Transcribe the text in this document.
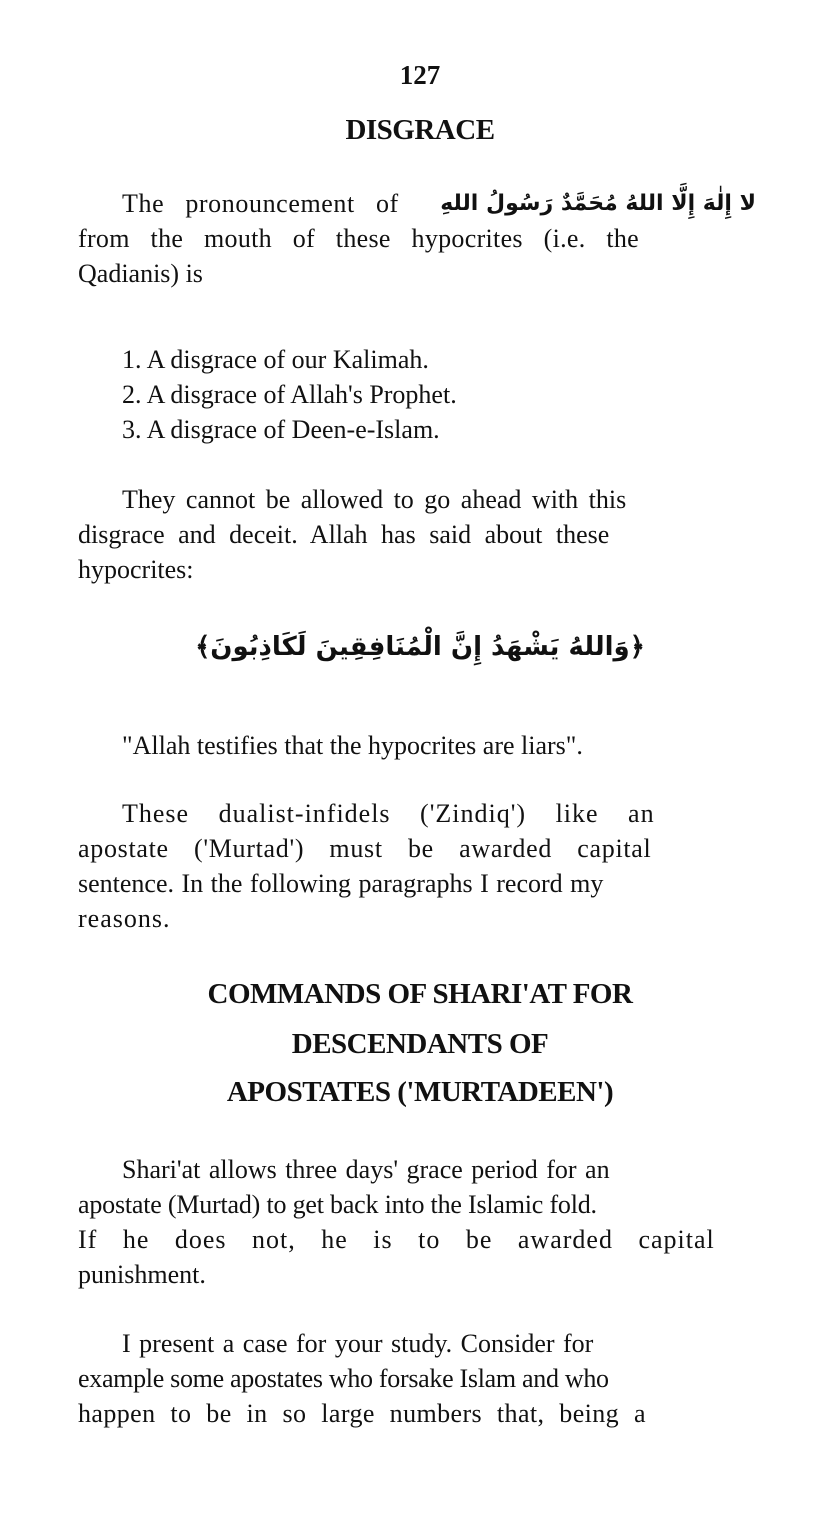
127
DISGRACE
The pronouncement of لا إِلٰهَ إِلَّا اللهُ مُحَمَّدٌ رَسُولُ اللهِ
from the mouth of these hypocrites (i.e. the
Qadianis) is
1. A disgrace of our Kalimah.
2. A disgrace of Allah's Prophet.
3. A disgrace of Deen-e-Islam.
They cannot be allowed to go ahead with this
disgrace and deceit. Allah has said about these
hypocrites:
﴿وَاللهُ يَشْهَدُ إِنَّ الْمُنَافِقِينَ لَكَاذِبُونَ﴾
"Allah testifies that the hypocrites are liars".
These dualist-infidels ('Zindiq') like an
apostate ('Murtad') must be awarded capital
sentence. In the following paragraphs I record my
reasons.
COMMANDS OF SHARI'AT FOR
DESCENDANTS OF
APOSTATES ('MURTADEEN')
Shari'at allows three days' grace period for an
apostate (Murtad) to get back into the Islamic fold.
If he does not, he is to be awarded capital
punishment.
I present a case for your study. Consider for
example some apostates who forsake Islam and who
happen to be in so large numbers that, being a
